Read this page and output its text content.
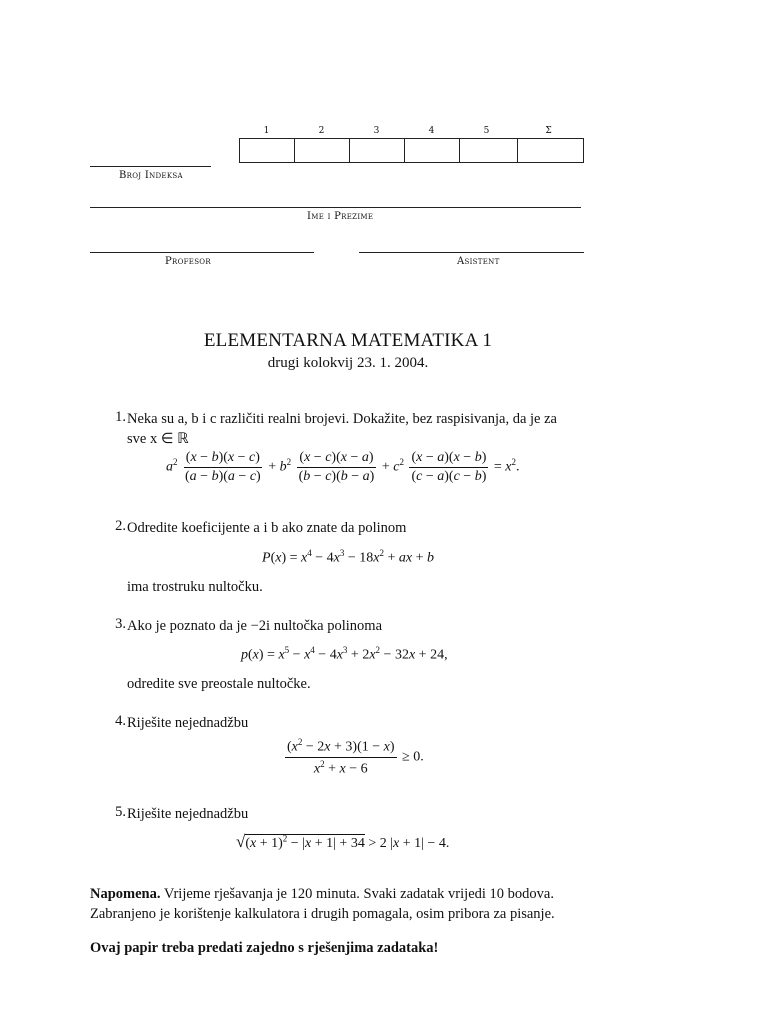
1	2	3	4	5	Σ
Broj Indeksa
Ime i Prezime
Profesor	Asistent
ELEMENTARNA MATEMATIKA 1
drugi kolokvij 23. 1. 2004.
1. Neka su a, b i c različiti realni brojevi. Dokažite, bez raspisivanja, da je za
sve x ∈ ℝ
$a^2 \frac{(x - b)(x - c)}{(a - b)(a - c)} + b^2 \frac{(x - c)(x - a)}{(b - c)(b - a)} + c^2 \frac{(x - a)(x - b)}{(c - a)(c - b)} = x^2$.
2. Odredite koeficijente a i b ako znate da polinom
$P(x) = x^4 - 4x^3 - 18x^2$ + ax + b
ima trostruku nultočku.
3. Ako je poznato da je −2i nultočka polinoma
$p(x) = x^5 - x^4 - 4x^3 + 2x^2 - 32x + 24$,
odredite sve preostale nultočke.
4. Riješite nejednadžbu
$\frac{(x^2 - 2x + 3)(1 - x)}{x^2 + x - 6} \ge 0$.
5. Riješite nejednadžbu
$√(x + 1)^2 - |x + 1| + 34 > 2$ |x + 1| − 4.
Napomena. Vrijeme rješavanja je 120 minuta. Svaki zadatak vrijedi 10 bodova.
Zabranjeno je korištenje kalkulatora i drugih pomagala, osim pribora za pisanje.
Ovaj papir treba predati zajedno s rješenjima zadataka!
